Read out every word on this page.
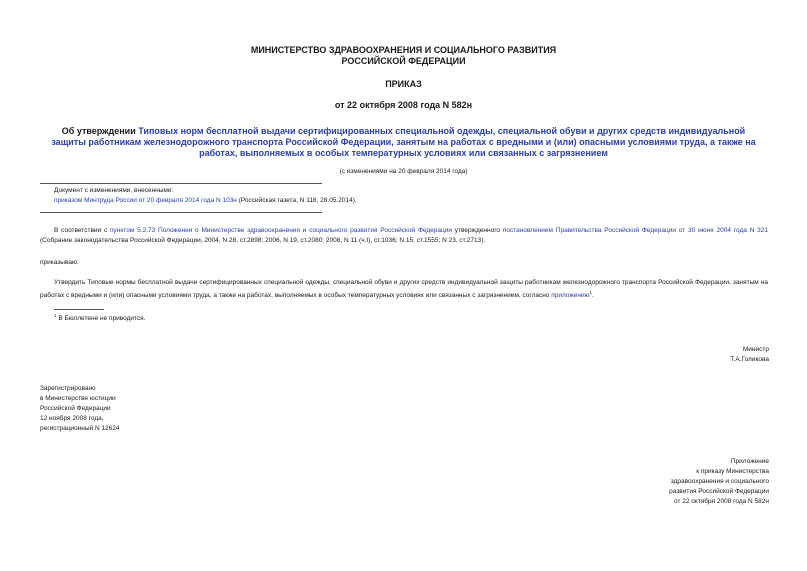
МИНИСТЕРСТВО ЗДРАВООХРАНЕНИЯ И СОЦИАЛЬНОГО РАЗВИТИЯ
РОССИЙСКОЙ ФЕДЕРАЦИИ
ПРИКАЗ
от 22 октября 2008 года N 582н
Об утверждении Типовых норм бесплатной выдачи сертифицированных специальной одежды, специальной обуви и других средств индивидуальной защиты работникам железнодорожного транспорта Российской Федерации, занятым на работах с вредными и (или) опасными условиями труда, а также на работах, выполняемых в особых температурных условиях или связанных с загрязнением
(с изменениями на 20 февраля 2014 года)
Документ с изменениями, внесенными:
приказом Минтруда России от 20 февраля 2014 года N 103н (Российская газета, N 118, 28.05.2014).
В соответствии с пунктом 5.2.73 Положения о Министерстве здравоохранения и социального развития Российской Федерации утвержденного постановлением Правительства Российской Федерации от 30 июня 2004 года N 321 (Собрание законодательства Российской Федерации, 2004, N 28, ст.2898; 2006, N 19, ст.2080; 2008, N 11 (ч.I), ст.1036; N 15, ст.1555; N 23, ст.2713).
приказываю:
Утвердить Типовые нормы бесплатной выдачи сертифицированных специальной одежды, специальной обуви и других средств индивидуальной защиты работникам железнодорожного транспорта Российской Федерации, занятым на работах с вредными и (или) опасными условиями труда, а также на работах, выполняемых в особых температурных условиях или связанных с загрязнением, согласно приложению$^1$.
$^1$ В Бюллетене не приводится.
Министр
Т.А.Голикова
Зарегистрировано
в Министерстве юстиции
Российской Федерации
12 ноября 2008 года,
регистрационный N 12624
Приложение
к приказу Министерства
здравоохранения и социального
развития Российской Федерации
от 22 октября 2008 года N 582н
